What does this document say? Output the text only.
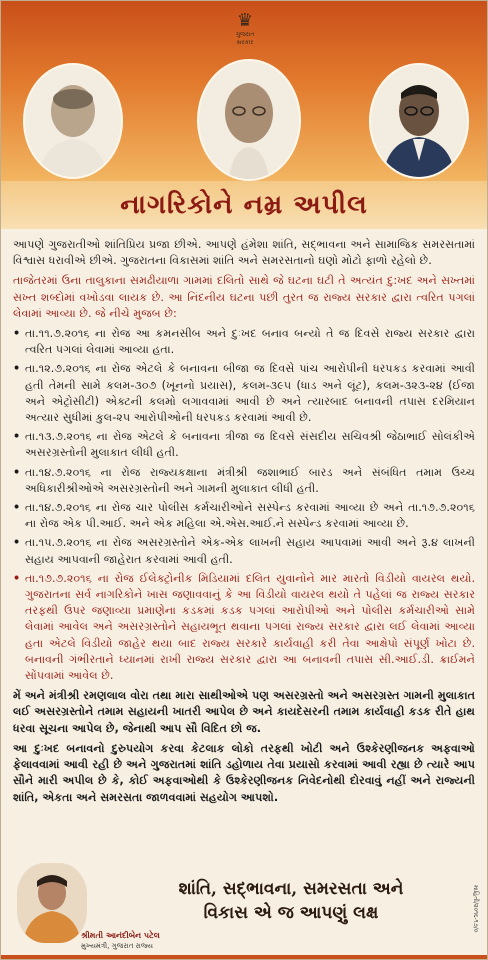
♛
ગુજરાત સરકાર
નાગરિકોને નમ્ર અપીલ

આપણે ગુજરાતીઓ શાંતિપ્રિય પ્રજા છીએ. આપણે હંમેશા શાંતિ, સદ્ભાવના અને સામાજિક સમરસતામાં વિશ્વાસ ધરાવીએ છીએ. ગુજરાતના વિકાસમાં શાંતિ અને સમરસતાનો ઘણો મોટો ફાળો રહેલો છે.

તાજેતરમાં ઉના તાલુકાના સમઢીયાળા ગામમાં દલિતો સાથે જે ઘટના ઘટી તે અત્યંત દુ:ખદ અને સખ્તમાં સખ્ત શબ્દોમાં વખોડવા લાયક છે. આ નિંદનીય ઘટના પછી તુરત જ રાજ્ય સરકાર દ્વારા ત્વરિત પગલાં લેવામાં આવ્યા છે. જે નીચે મુજબ છે:

• તા.૧૧.૭.૨૦૧૬ ના રોજ આ કમનસીબ અને દુઃખદ બનાવ બન્યો તે જ દિવસે રાજ્ય સરકાર દ્વારા ત્વરિત પગલાં લેવામાં આવ્યા હતા.
• તા.૧૨.૭.૨૦૧૬ ના રોજ એટલે કે બનાવના બીજા જ દિવસે પાંચ આરોપીની ધરપકડ કરવામાં આવી હતી તેમની સામે કલમ-૩૦૭ (ખૂનનો પ્રયાસ), કલમ-૩૯૫ (ધાડ અને લૂંટ), કલમ-૩૨૩-૨૪ (ઈજા અને એટ્રોસીટી) એક્ટની કલમો લગાવવામાં આવી છે અને ત્યારબાદ બનાવની તપાસ દરમિયાન અત્યાર સુધીમાં કુલ-૨૫ આરોપીઓની ધરપકડ કરવામાં આવી છે.
• તા.૧૩.૭.૨૦૧૬ ના રોજ એટલે કે બનાવના ત્રીજા જ દિવસે સંસદીય સચિવશ્રી જેઠાભાઈ સોલંકીએ અસરગ્રસ્તોની મુલાકાત લીધી હતી.
• તા.૧૪.૭.૨૦૧૬ ના રોજ રાજ્યકક્ષાના મંત્રીશ્રી જશાભાઈ બારડ અને સંબંધિત તમામ ઉચ્ચ અધિકારીશ્રીઓએ અસરગ્રસ્તોની અને ગામની મુલાકાત લીધી હતી.
• તા.૧૪.૭.૨૦૧૬ ના રોજ ચાર પોલીસ કર્મચારીઓને સસ્પેન્ડ કરવામાં આવ્યા છે અને તા.૧૭.૭.૨૦૧૬ ના રોજ એક પી.આઈ. અને એક મહિલા એ.એસ.આઈ.ને સસ્પેન્ડ કરવામાં આવ્યા છે.
• તા.૧૫.૭.૨૦૧૬ ના રોજ અસરગ્રસ્તોને એક-એક લાખની સહાય આપવામાં આવી અને રૂ.૪ લાખની સહાય આપવાની જાહેરાત કરવામાં આવી હતી.
• તા.૧૭.૭.૨૦૧૬ ના રોજ ઈલેક્ટ્રોનીક મિડિયામાં દલિત યુવાનોને માર મારતો વિડીયો વાયરલ થયો. ગુજરાતના સર્વ નાગરિકોને ખાસ જણાવવાનું કે આ વિડીયો વાયરલ થયો તે પહેલાં જ રાજ્ય સરકાર તરફથી ઉપર જણાવ્યા પ્રમાણેના કડકમાં કડક પગલાં આરોપીઓ અને પોલીસ કર્મચારીઓ સામે લેવામાં આવેલ અને અસરગ્રસ્તોને સહાયભૂત થવાના પગલાં રાજ્ય સરકાર દ્વારા લઈ લેવામાં આવ્યા હતા એટલે વિડીયો જાહેર થયા બાદ રાજ્ય સરકારે કાર્યવાહી કરી તેવા આક્ષેપો સંપૂર્ણ ખોટા છે. બનાવની ગંભીરતાને ધ્યાનમાં રાખી રાજ્ય સરકાર દ્વારા આ બનાવની તપાસ સી.આઈ.ડી. ક્રાઈમને સોંપવામાં આવેલ છે.

મેં અને મંત્રીશ્રી રમણલાલ વોરા તથા મારા સાથીઓએ પણ અસરગ્રસ્તો અને અસરગ્રસ્ત ગામની મુલાકાત લઈ અસરગ્રસ્તોને તમામ સહાયની ખાતરી આપેલ છે અને કાયદેસરની તમામ કાર્યવાહી કડક રીતે હાથ ધરવા સૂચના આપેલ છે, જેનાથી આપ સૌ વિદિત છો જ.

આ દુઃખદ બનાવનો દુરુપયોગ કરવા કેટલાક લોકો તરફથી ખોટી અને ઉશ્કેરણીજનક અફવાઓ ફેલાવવામાં આવી રહી છે અને ગુજરાતમાં શાંતિ ડહોળાય તેવા પ્રયાસો કરવામાં આવી રહ્યા છે ત્યારે આપ સૌને મારી અપીલ છે કે, કોઈ અફવાઓથી કે ઉશ્કેરણીજનક નિવેદનોથી દોરવાવું નહીં અને રાજ્યની શાંતિ, એકતા અને સમરસતા જાળવવામાં સહયોગ આપશો.

શ્રીમતી આનંદીબેન પટેલ
મુખ્યમંત્રી, ગુજરાત રાજ્ય
શાંતિ, સદ્ભાવના, સમરસતા અને
વિકાસ એ જ આપણું લક્ષ	માહિતી/૨૦૧૬-૧૭/૦
